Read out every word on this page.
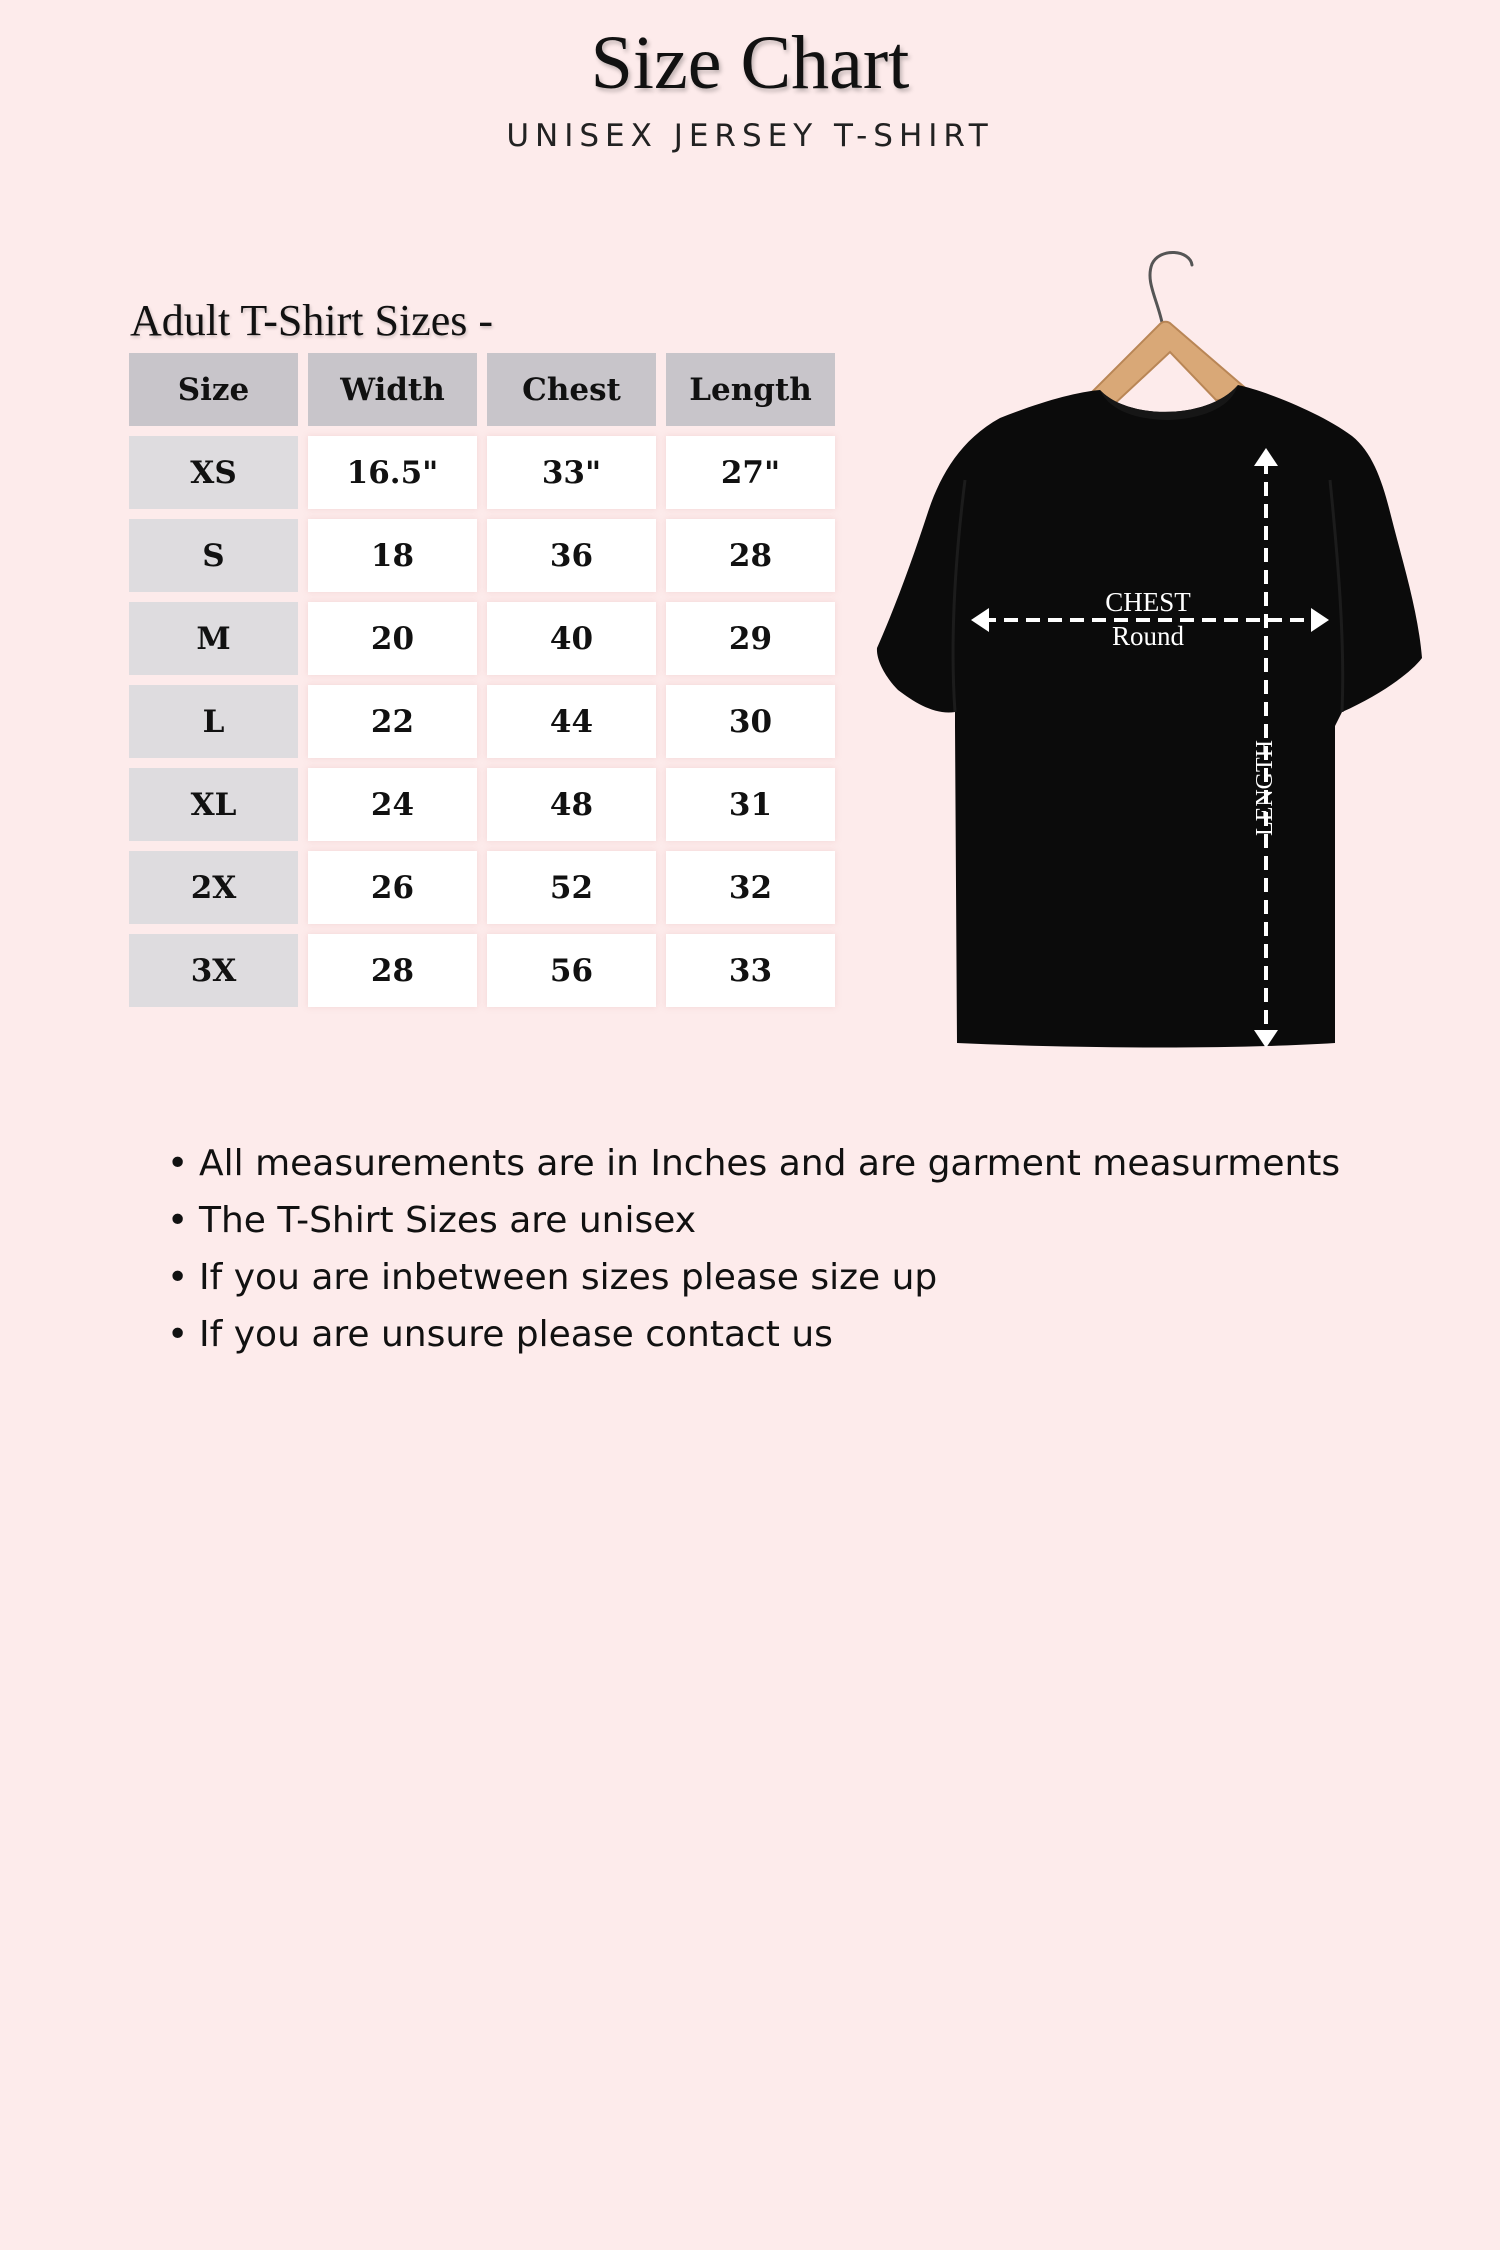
Size Chart
UNISEX JERSEY T-SHIRT
Adult T-Shirt Sizes -
Size	Width	Chest	Length
XS	16.5"	33"	27"
S	18	36	28
M	20	40	29
L	22	44	30
XL	24	48	31
2X	26	52	32
3X	28	56	33
CHEST
Round
LENGTH
• All measurements are in Inches and are garment measurments
• The T-Shirt Sizes are unisex
• If you are inbetween sizes please size up
• If you are unsure please contact us
